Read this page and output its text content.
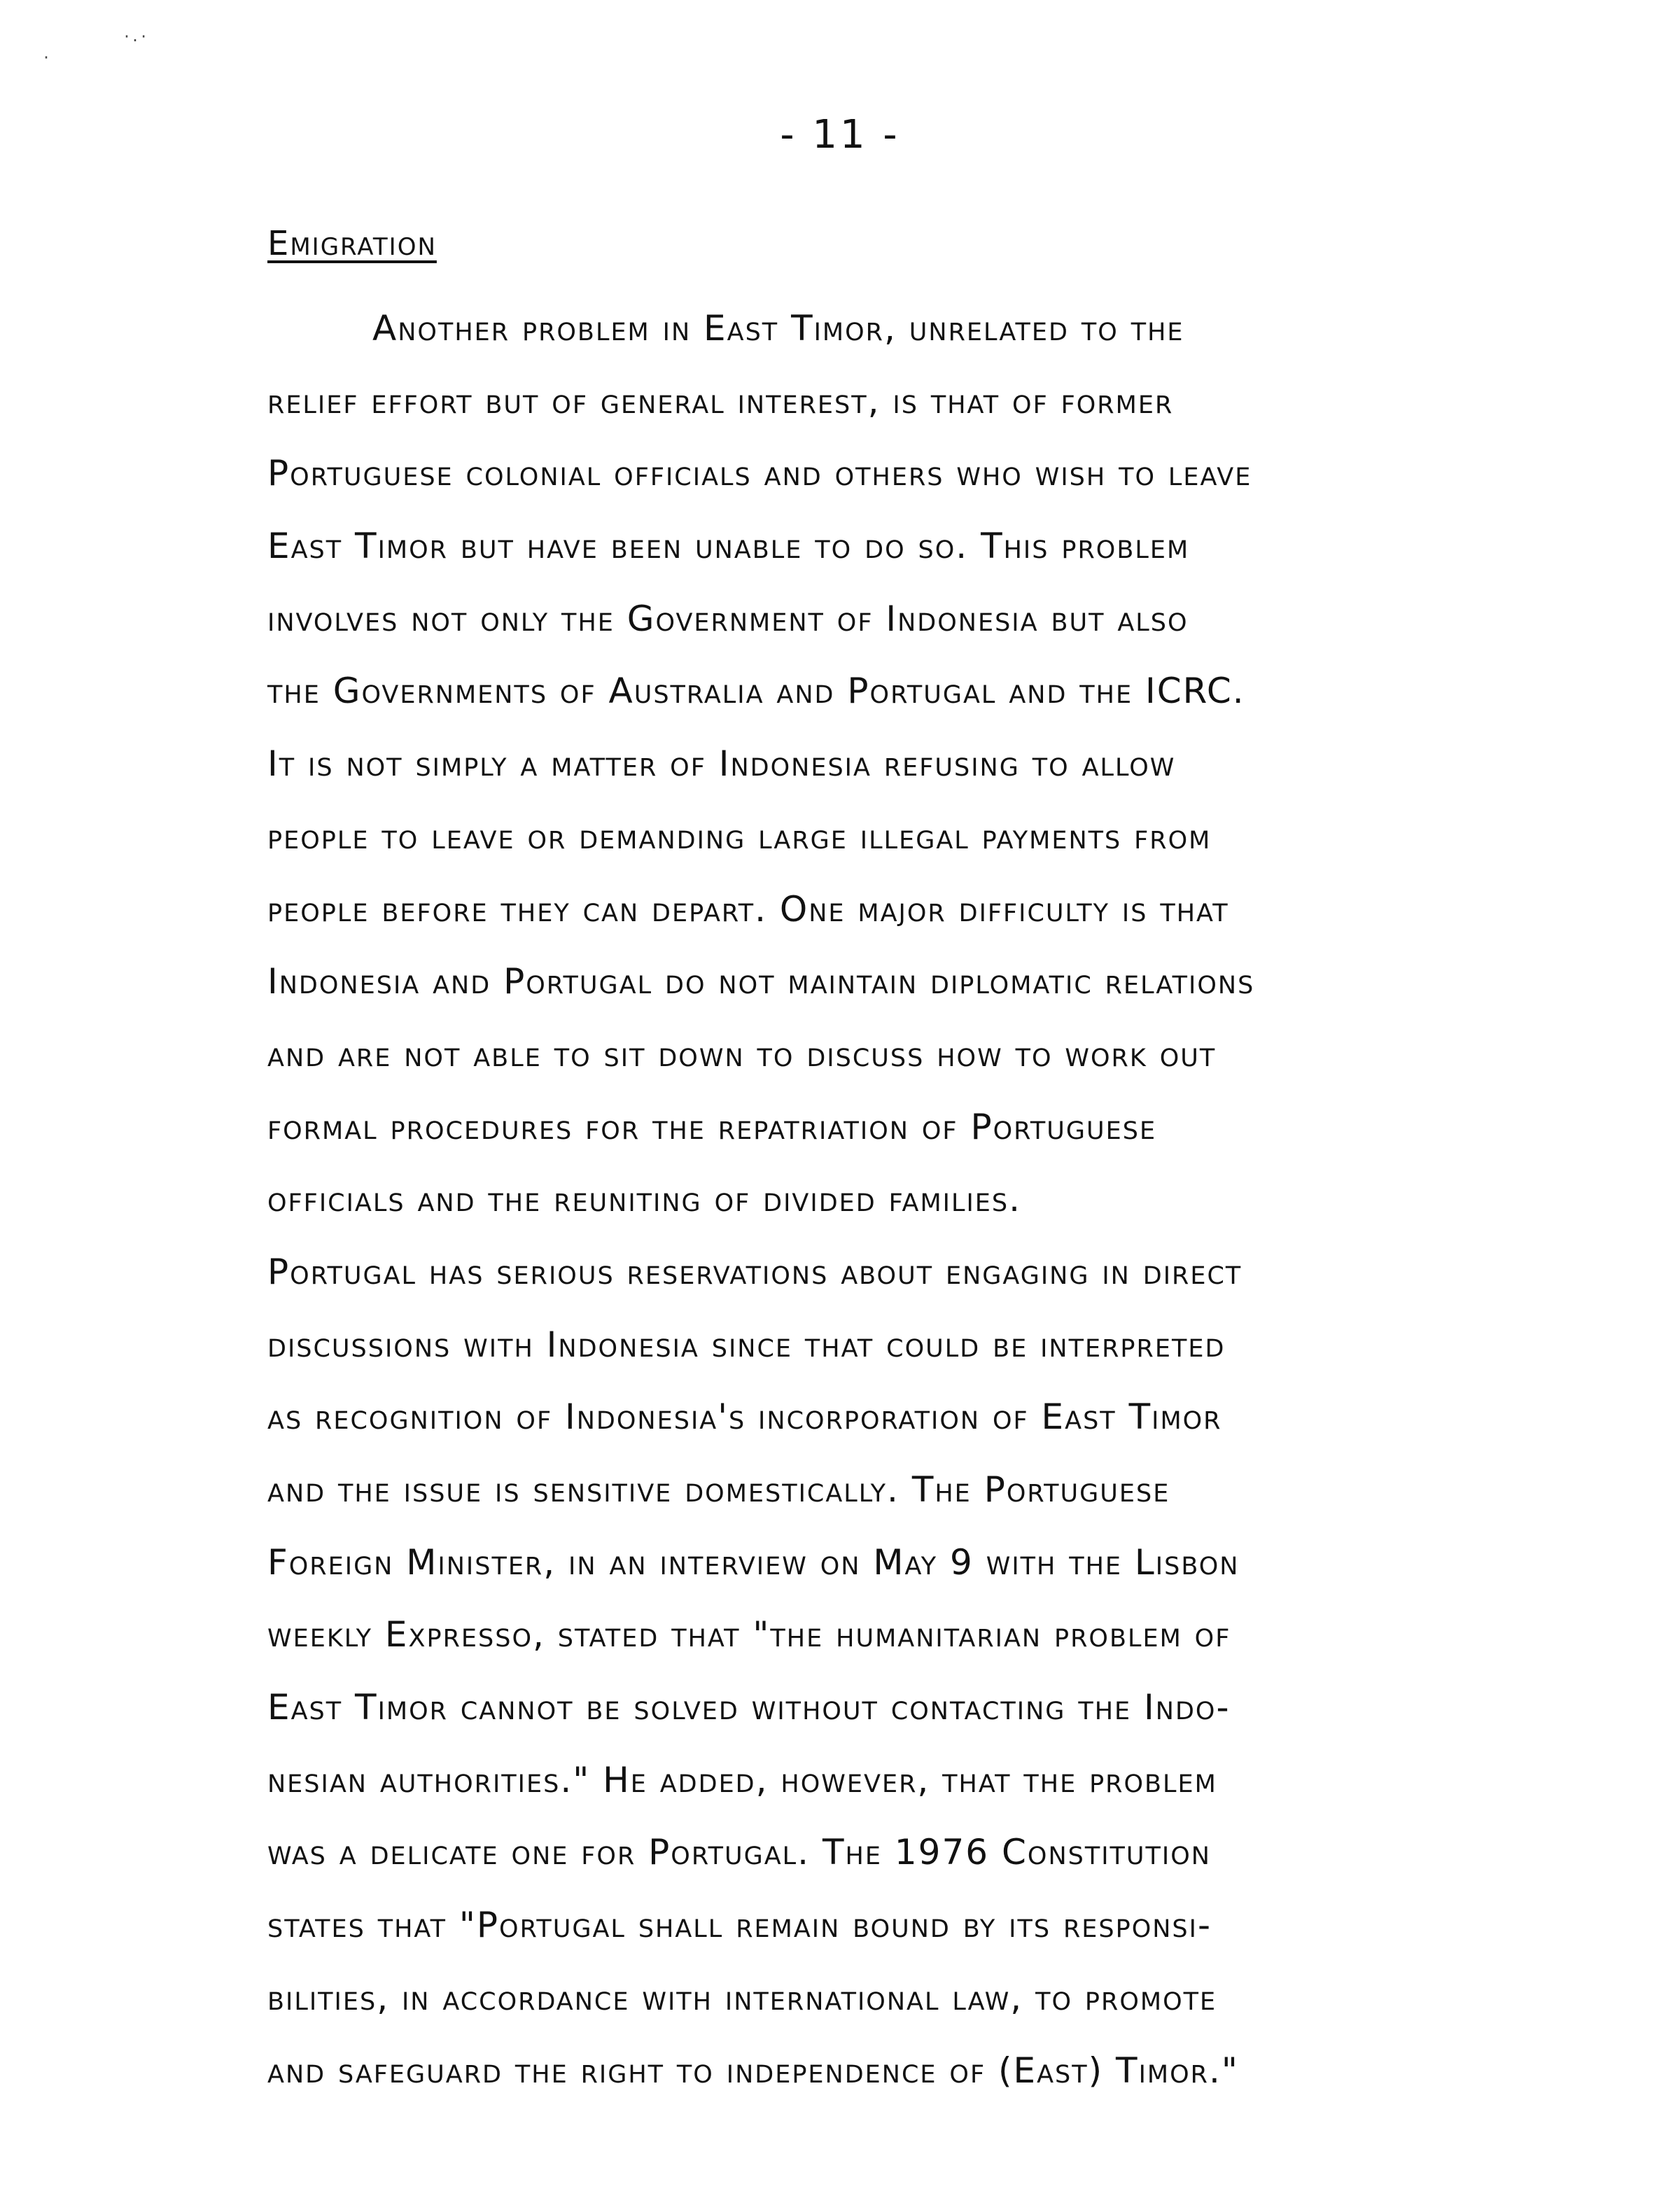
·
·.·
- 11 -
Emigration
Another problem in East Timor, unrelated to the
relief effort but of general interest, is that of former
Portuguese colonial officials and others who wish to leave
East Timor but have been unable to do so. This problem
involves not only the Government of Indonesia but also
the Governments of Australia and Portugal and the ICRC.
It is not simply a matter of Indonesia refusing to allow
people to leave or demanding large illegal payments from
people before they can depart. One major difficulty is that
Indonesia and Portugal do not maintain diplomatic relations
and are not able to sit down to discuss how to work out
formal procedures for the repatriation of Portuguese
officials and the reuniting of divided families.
Portugal has serious reservations about engaging in direct
discussions with Indonesia since that could be interpreted
as recognition of Indonesia's incorporation of East Timor
and the issue is sensitive domestically. The Portuguese
Foreign Minister, in an interview on May 9 with the Lisbon
weekly Expresso, stated that "the humanitarian problem of
East Timor cannot be solved without contacting the Indo-
nesian authorities." He added, however, that the problem
was a delicate one for Portugal. The 1976 Constitution
states that "Portugal shall remain bound by its responsi-
bilities, in accordance with international law, to promote
and safeguard the right to independence of (East) Timor."
